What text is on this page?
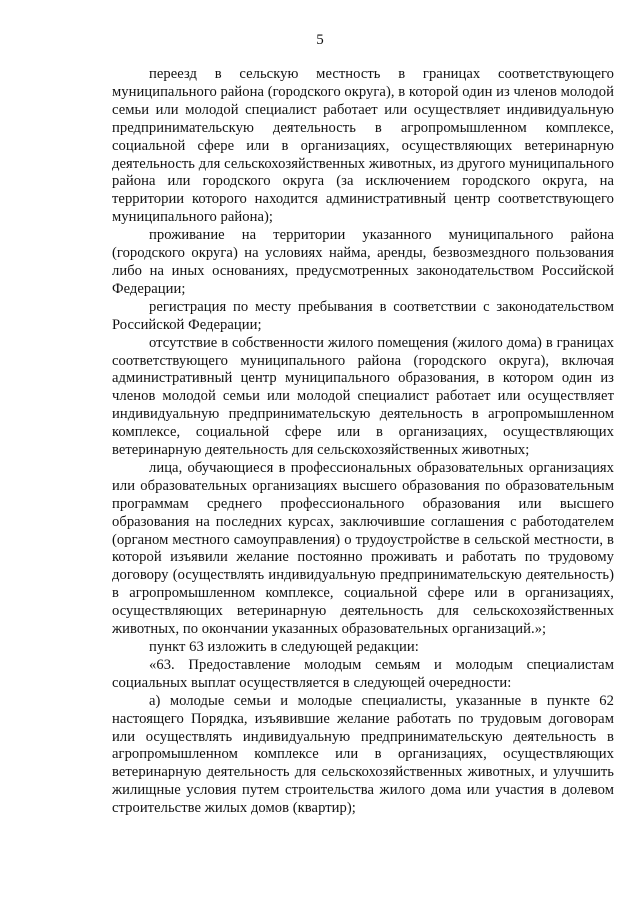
5

переезд в сельскую местность в границах соответствующего муниципального района (городского округа), в которой один из членов молодой семьи или молодой специалист работает или осуществляет индивидуальную предпринимательскую деятельность в агропромышленном комплексе, социальной сфере или в организациях, осуществляющих ветеринарную деятельность для сельскохозяйственных животных, из другого муниципального района или городского округа (за исключением городского округа, на территории которого находится административный центр соответствующего муниципального района);

проживание на территории указанного муниципального района (городского округа) на условиях найма, аренды, безвозмездного пользования либо на иных основаниях, предусмотренных законодательством Российской Федерации;

регистрация по месту пребывания в соответствии с законодательством Российской Федерации;

отсутствие в собственности жилого помещения (жилого дома) в границах соответствующего муниципального района (городского округа), включая административный центр муниципального образования, в котором один из членов молодой семьи или молодой специалист работает или осуществляет индивидуальную предпринимательскую деятельность в агропромышленном комплексе, социальной сфере или в организациях, осуществляющих ветеринарную деятельность для сельскохозяйственных животных;

лица, обучающиеся в профессиональных образовательных организациях или образовательных организациях высшего образования по образовательным программам среднего профессионального образования или высшего образования на последних курсах, заключившие соглашения с работодателем (органом местного самоуправления) о трудоустройстве в сельской местности, в которой изъявили желание постоянно проживать и работать по трудовому договору (осуществлять индивидуальную предпринимательскую деятельность) в агропромышленном комплексе, социальной сфере или в организациях, осуществляющих ветеринарную деятельность для сельскохозяйственных животных, по окончании указанных образовательных организаций.»;

пункт 63 изложить в следующей редакции:

«63. Предоставление молодым семьям и молодым специалистам социальных выплат осуществляется в следующей очередности:

а) молодые семьи и молодые специалисты, указанные в пункте 62 настоящего Порядка, изъявившие желание работать по трудовым договорам или осуществлять индивидуальную предпринимательскую деятельность в агропромышленном комплексе или в организациях, осуществляющих ветеринарную деятельность для сельскохозяйственных животных, и улучшить жилищные условия путем строительства жилого дома или участия в долевом строительстве жилых домов (квартир);
